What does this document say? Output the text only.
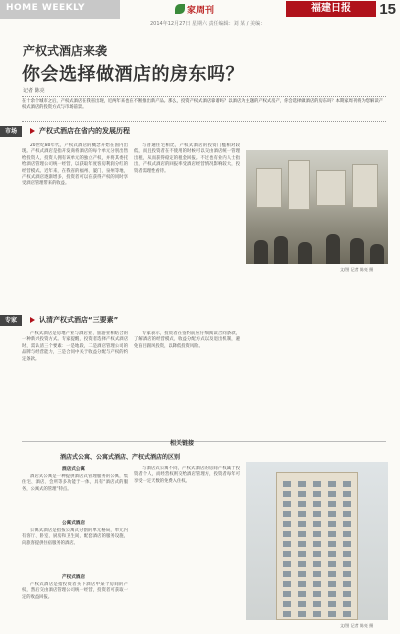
HOME WEEKLY	家周刊	福建日报	15
2014年12月27日 星期六 责任编辑：刘 某 / 美编：
产权式酒店来袭
你会选择做酒店的房东吗？
记者 陈亮
在十余个城市之后，产权式酒店在我省出现，近两年来也在不断推出新产品。那么，投资产权式酒店靠谱吗？以酒店为主题的产权式房产，你会选择做酒店的房东吗？本期家周刊将为您解读产权式酒店的投资方式与市场前景。
市场	产权式酒店在省内的发展历程

20世纪80年代，产权式酒店的概念开始在国内出现。产权式酒店是指开发商将酒店的每个单元分别出售给投资人，投资人拥有该单元的独立产权，并将其委托给酒店管理公司统一经营，以获取年度客房利润分红的经营模式。近年来，在我省的福州、厦门、泉州等地，产权式酒店逐渐增多，投资者可以在获得产权的同时享受酒店管理带来的收益。

与普通住宅相比，产权式酒店的投资门槛相对较低，而且投资者在不使用的时候可以交由酒店统一管理出租，从而获得稳定的租金回报。不过也有业内人士指出，产权式酒店的回报率受酒店经营情况影响较大，投资者需理性看待。

文/图 记者 陈亮 摄
专家	认清产权式酒店“三要素”

产权式酒店是房地产业与酒店业、旅游业相结合的一种新兴投资方式。专家提醒，投资者选择产权式酒店时，需认清三个要素：一是地段，二是酒店管理公司的品牌与经营能力，三是合同中关于收益分配与产权的约定条款。

专家表示，投资者在签约前应仔细阅读合同条款，了解酒店的经营模式、收益分配方式以及退出机制，避免盲目跟风投资，以降低投资风险。

相关链接
酒店式公寓、公寓式酒店、产权式酒店的区别
酒店式公寓

酒店式公寓是一种提供酒店式管理服务的公寓，集住宅、酒店、会所等多功能于一体，具有“酒店式的服务，公寓式的管理”特点。

公寓式酒店

公寓式酒店是指按公寓式分割的单元格局，单元内有客厅、卧室、厨房和卫生间，配套酒店的服务设施，向旅客提供住宿服务的酒店。

产权式酒店

产权式酒店是指投资者买下酒店中某个房间的产权，然后交由酒店管理公司统一经营，投资者可获取一定的收益回报。

与酒店式公寓不同，产权式酒店的房间产权属于投资者个人，而经营权则交给酒店管理方，投资者每年可享受一定天数的免费入住权。

文/图 记者 陈亮 摄
